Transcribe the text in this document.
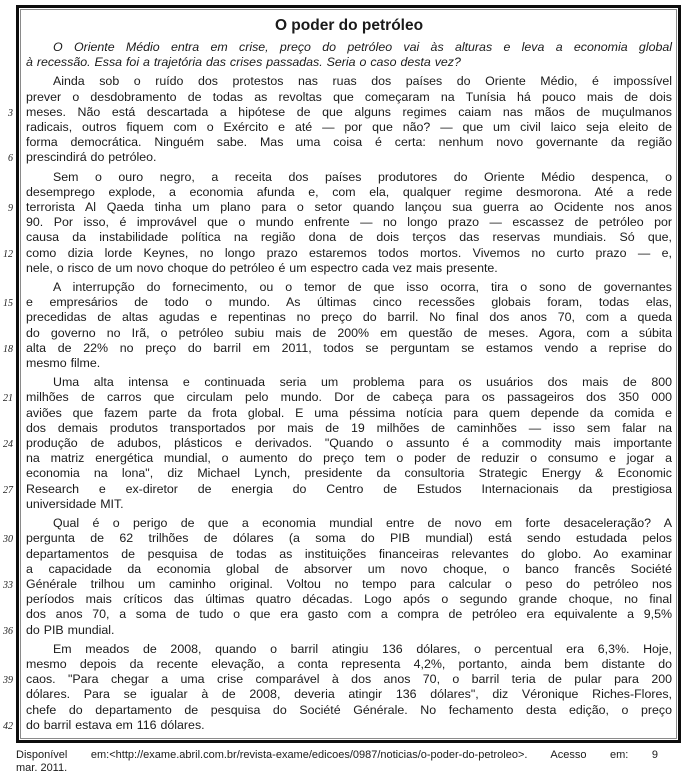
3
6
9
12
15
18
21
24
27
30
33
36
39
42
O poder do petróleo
O Oriente Médio entra em crise, preço do petróleo vai às alturas e leva a economia global
à recessão. Essa foi a trajetória das crises passadas. Seria o caso desta vez?
Ainda sob o ruído dos protestos nas ruas dos países do Oriente Médio, é impossível
prever o desdobramento de todas as revoltas que começaram na Tunísia há pouco mais de dois
meses. Não está descartada a hipótese de que alguns regimes caiam nas mãos de muçulmanos
radicais, outros fiquem com o Exército e até — por que não? — que um civil laico seja eleito de
forma democrática. Ninguém sabe. Mas uma coisa é certa: nenhum novo governante da região
prescindirá do petróleo.
Sem o ouro negro, a receita dos países produtores do Oriente Médio despenca, o
desemprego explode, a economia afunda e, com ela, qualquer regime desmorona. Até a rede
terrorista Al Qaeda tinha um plano para o setor quando lançou sua guerra ao Ocidente nos anos
90. Por isso, é improvável que o mundo enfrente — no longo prazo — escassez de petróleo por
causa da instabilidade política na região dona de dois terços das reservas mundiais. Só que,
como dizia lorde Keynes, no longo prazo estaremos todos mortos. Vivemos no curto prazo — e,
nele, o risco de um novo choque do petróleo é um espectro cada vez mais presente.
A interrupção do fornecimento, ou o temor de que isso ocorra, tira o sono de governantes
e empresários de todo o mundo. As últimas cinco recessões globais foram, todas elas,
precedidas de altas agudas e repentinas no preço do barril. No final dos anos 70, com a queda
do governo no Irã, o petróleo subiu mais de 200% em questão de meses. Agora, com a súbita
alta de 22% no preço do barril em 2011, todos se perguntam se estamos vendo a reprise do
mesmo filme.
Uma alta intensa e continuada seria um problema para os usuários dos mais de 800
milhões de carros que circulam pelo mundo. Dor de cabeça para os passageiros dos 350 000
aviões que fazem parte da frota global. E uma péssima notícia para quem depende da comida e
dos demais produtos transportados por mais de 19 milhões de caminhões — isso sem falar na
produção de adubos, plásticos e derivados. "Quando o assunto é a commodity mais importante
na matriz energética mundial, o aumento do preço tem o poder de reduzir o consumo e jogar a
economia na lona", diz Michael Lynch, presidente da consultoria Strategic Energy & Economic
Research e ex-diretor de energia do Centro de Estudos Internacionais da prestigiosa
universidade MIT.
Qual é o perigo de que a economia mundial entre de novo em forte desaceleração? A
pergunta de 62 trilhões de dólares (a soma do PIB mundial) está sendo estudada pelos
departamentos de pesquisa de todas as instituições financeiras relevantes do globo. Ao examinar
a capacidade da economia global de absorver um novo choque, o banco francês Société
Générale trilhou um caminho original. Voltou no tempo para calcular o peso do petróleo nos
períodos mais críticos das últimas quatro décadas. Logo após o segundo grande choque, no final
dos anos 70, a soma de tudo o que era gasto com a compra de petróleo era equivalente a 9,5%
do PIB mundial.
Em meados de 2008, quando o barril atingiu 136 dólares, o percentual era 6,3%. Hoje,
mesmo depois da recente elevação, a conta representa 4,2%, portanto, ainda bem distante do
caos. "Para chegar a uma crise comparável à dos anos 70, o barril teria de pular para 200
dólares. Para se igualar à de 2008, deveria atingir 136 dólares", diz Véronique Riches-Flores,
chefe do departamento de pesquisa do Société Générale. No fechamento desta edição, o preço
do barril estava em 116 dólares.
Disponível em:<http://exame.abril.com.br/revista-exame/edicoes/0987/noticias/o-poder-do-petroleo>. Acesso em: 9
mar. 2011.
